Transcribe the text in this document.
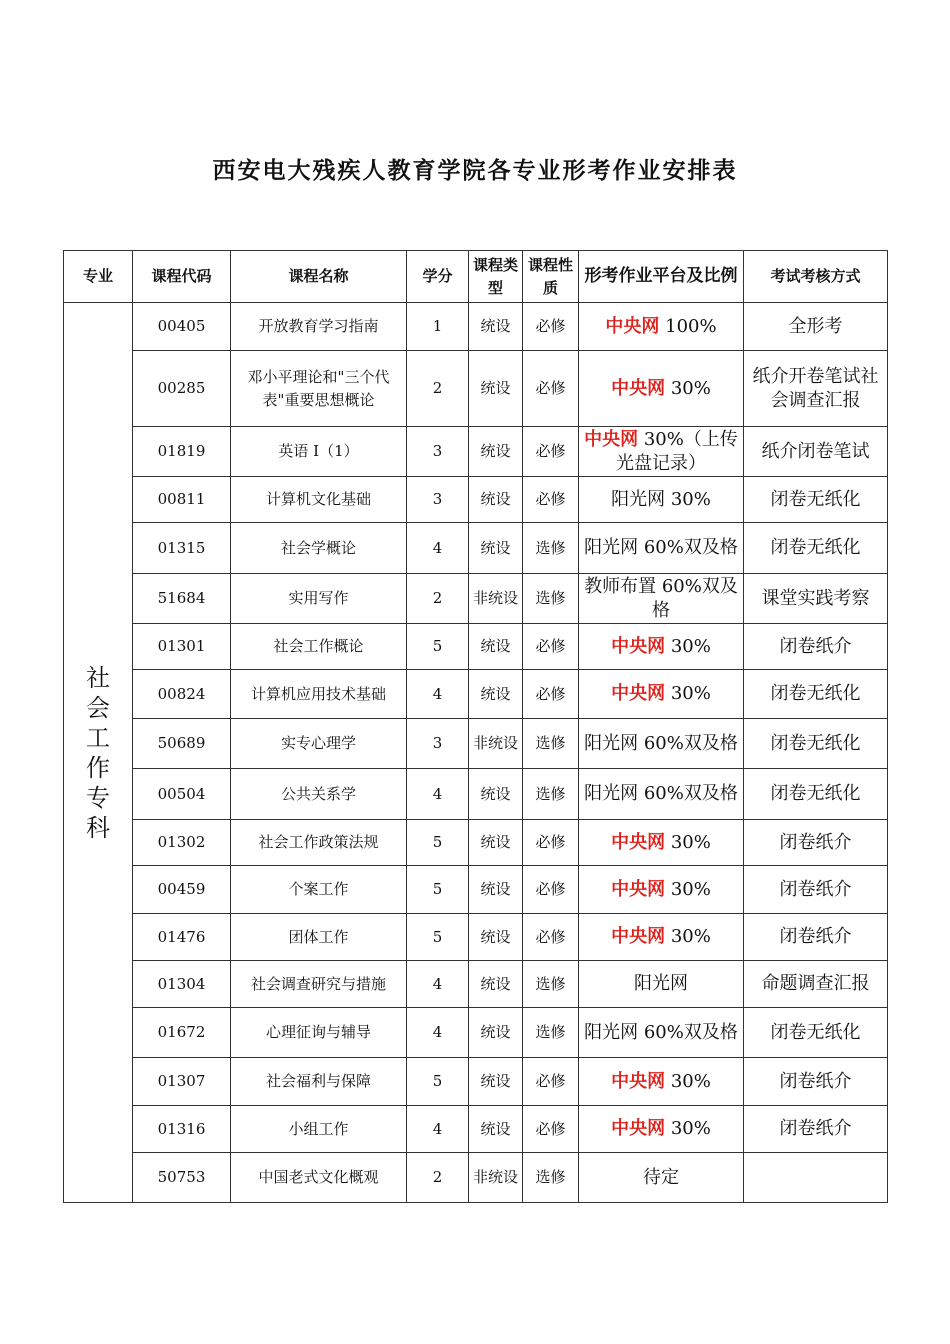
西安电大残疾人教育学院各专业形考作业安排表
专业	课程代码	课程名称	学分	课程类型	课程性质	形考作业平台及比例	考试考核方式

社会工作专科	00405	开放教育学习指南	1	统设	必修	中央网 100%	全形考
	00285	邓小平理论和"三个代表"重要思想概论	2	统设	必修	中央网 30%	纸介开卷笔试社会调查汇报
	01819	英语 I（1）	3	统设	必修	中央网 30%（上传光盘记录）	纸介闭卷笔试
	00811	计算机文化基础	3	统设	必修	阳光网 30%	闭卷无纸化
	01315	社会学概论	4	统设	选修	阳光网 60%双及格	闭卷无纸化
	51684	实用写作	2	非统设	选修	教师布置 60%双及格	课堂实践考察
	01301	社会工作概论	5	统设	必修	中央网 30%	闭卷纸介
	00824	计算机应用技术基础	4	统设	必修	中央网 30%	闭卷无纸化
	50689	实专心理学	3	非统设	选修	阳光网 60%双及格	闭卷无纸化
	00504	公共关系学	4	统设	选修	阳光网 60%双及格	闭卷无纸化
	01302	社会工作政策法规	5	统设	必修	中央网 30%	闭卷纸介
	00459	个案工作	5	统设	必修	中央网 30%	闭卷纸介
	01476	团体工作	5	统设	必修	中央网 30%	闭卷纸介
	01304	社会调查研究与措施	4	统设	选修	阳光网	命题调查汇报
	01672	心理征询与辅导	4	统设	选修	阳光网 60%双及格	闭卷无纸化
	01307	社会福利与保障	5	统设	必修	中央网 30%	闭卷纸介
	01316	小组工作	4	统设	必修	中央网 30%	闭卷纸介
	50753	中国老式文化概观	2	非统设	选修	待定	
